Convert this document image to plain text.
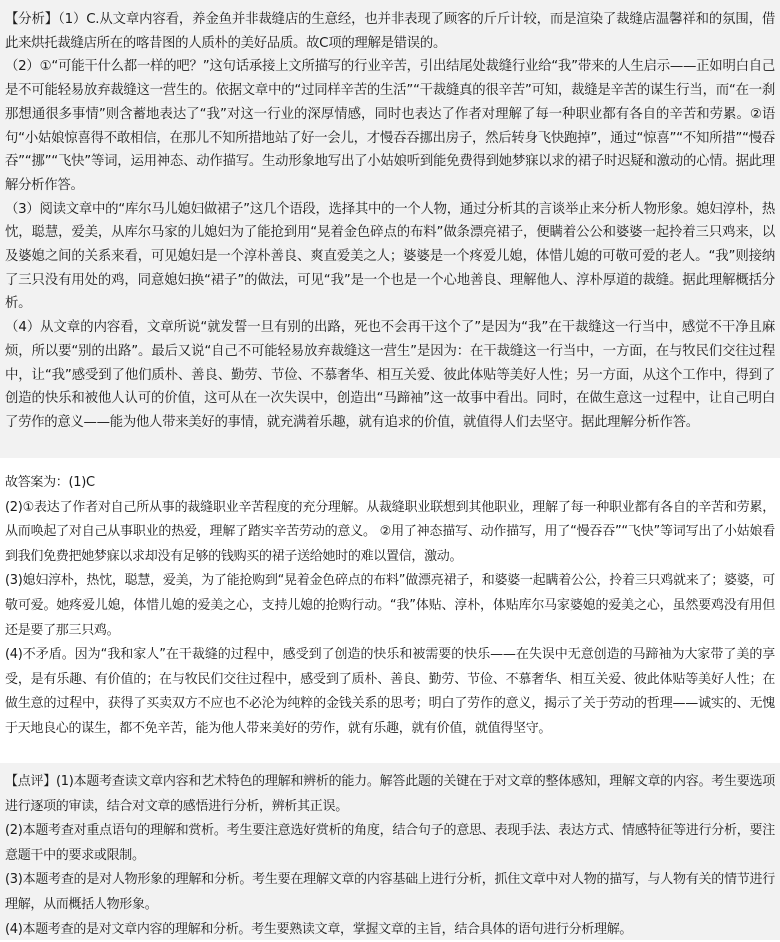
【分析】（1）C.从文章内容看，养金鱼并非裁缝店的生意经，也并非表现了顾客的斤斤计较，而是渲染了裁缝店温馨祥和的氛围，借此来烘托裁缝店所在的喀昔图的人质朴的美好品质。故C项的理解是错误的。

（2）①“可能干什么都一样的吧？”这句话承接上文所描写的行业辛苦，引出结尾处裁缝行业给“我”带来的人生启示——正如明白自己是不可能轻易放弃裁缝这一营生的。依据文章中的“过同样辛苦的生活”“干裁缝真的很辛苦”可知，裁缝是辛苦的谋生行当，而“在一刹那想通很多事情”则含蓄地表达了“我”对这一行业的深厚情感，同时也表达了作者对理解了每一种职业都有各自的辛苦和劳累。②语句“小姑娘惊喜得不敢相信，在那儿不知所措地站了好一会儿，才慢吞吞挪出房子，然后转身飞快跑掉”，通过“惊喜”“不知所措”“慢吞吞”“挪”“飞快”等词，运用神态、动作描写。生动形象地写出了小姑娘听到能免费得到她梦寐以求的裙子时迟疑和激动的心情。据此理解分析作答。

（3）阅读文章中的“库尔马儿媳妇做裙子”这几个语段，选择其中的一个人物，通过分析其的言谈举止来分析人物形象。媳妇淳朴，热忱，聪慧，爱美，从库尔马家的儿媳妇为了能抢到用“晃着金色碎点的布料”做条漂亮裙子，便瞒着公公和婆婆一起拎着三只鸡来，以及婆媳之间的关系来看，可见媳妇是一个淳朴善良、爽直爱美之人；婆婆是一个疼爱儿媳，体惜儿媳的可敬可爱的老人。“我”则接纳了三只没有用处的鸡，同意媳妇换“裙子”的做法，可见“我”是一个也是一个心地善良、理解他人、淳朴厚道的裁缝。据此理解概括分析。

（4）从文章的内容看，文章所说“就发誓一旦有别的出路，死也不会再干这个了”是因为“我”在干裁缝这一行当中，感觉不干净且麻烦，所以要“别的出路”。最后又说“自己不可能轻易放弃裁缝这一营生”是因为：在干裁缝这一行当中，一方面，在与牧民们交往过程中，让“我”感受到了他们质朴、善良、勤劳、节俭、不慕奢华、相互关爱、彼此体贴等美好人性；另一方面，从这个工作中，得到了创造的快乐和被他人认可的价值，这可从在一次失误中，创造出“马蹄袖”这一故事中看出。同时，在做生意这一过程中，让自己明白了劳作的意义——能为他人带来美好的事情，就充满着乐趣，就有追求的价值，就值得人们去坚守。据此理解分析作答。

故答案为：(1)C

(2)①表达了作者对自己所从事的裁缝职业辛苦程度的充分理解。从裁缝职业联想到其他职业，理解了每一种职业都有各自的辛苦和劳累，从而唤起了对自己从事职业的热爱，理解了踏实辛苦劳动的意义。 ②用了神态描写、动作描写，用了“慢吞吞”“飞快”等词写出了小姑娘看到我们免费把她梦寐以求却没有足够的钱购买的裙子送给她时的难以置信，激动。

(3)媳妇淳朴，热忱，聪慧，爱美，为了能抢购到“晃着金色碎点的布料”做漂亮裙子，和婆婆一起瞒着公公，拎着三只鸡就来了；婆婆，可敬可爱。她疼爱儿媳，体惜儿媳的爱美之心，支持儿媳的抢购行动。“我”体贴、淳朴，体贴库尔马家婆媳的爱美之心，虽然要鸡没有用但还是要了那三只鸡。

(4)不矛盾。因为“我和家人”在干裁缝的过程中，感受到了创造的快乐和被需要的快乐——在失误中无意创造的马蹄袖为大家带了美的享受，是有乐趣、有价值的；在与牧民们交往过程中，感受到了质朴、善良、勤劳、节俭、不慕奢华、相互关爱、彼此体贴等美好人性；在做生意的过程中，获得了买卖双方不应也不必沦为纯粹的金钱关系的思考；明白了劳作的意义，揭示了关于劳动的哲理——诚实的、无愧于天地良心的谋生，都不免辛苦，能为他人带来美好的劳作，就有乐趣，就有价值，就值得坚守。

【点评】(1)本题考查读文章内容和艺术特色的理解和辨析的能力。解答此题的关键在于对文章的整体感知，理解文章的内容。考生要选项进行逐项的审读，结合对文章的感悟进行分析，辨析其正误。

(2)本题考查对重点语句的理解和赏析。考生要注意选好赏析的角度，结合句子的意思、表现手法、表达方式、情感特征等进行分析，要注意题干中的要求或限制。

(3)本题考查的是对人物形象的理解和分析。考生要在理解文章的内容基础上进行分析，抓住文章中对人物的描写，与人物有关的情节进行理解，从而概括人物形象。

(4)本题考查的是对文章内容的理解和分析。考生要熟读文章，掌握文章的主旨，结合具体的语句进行分析理解。
